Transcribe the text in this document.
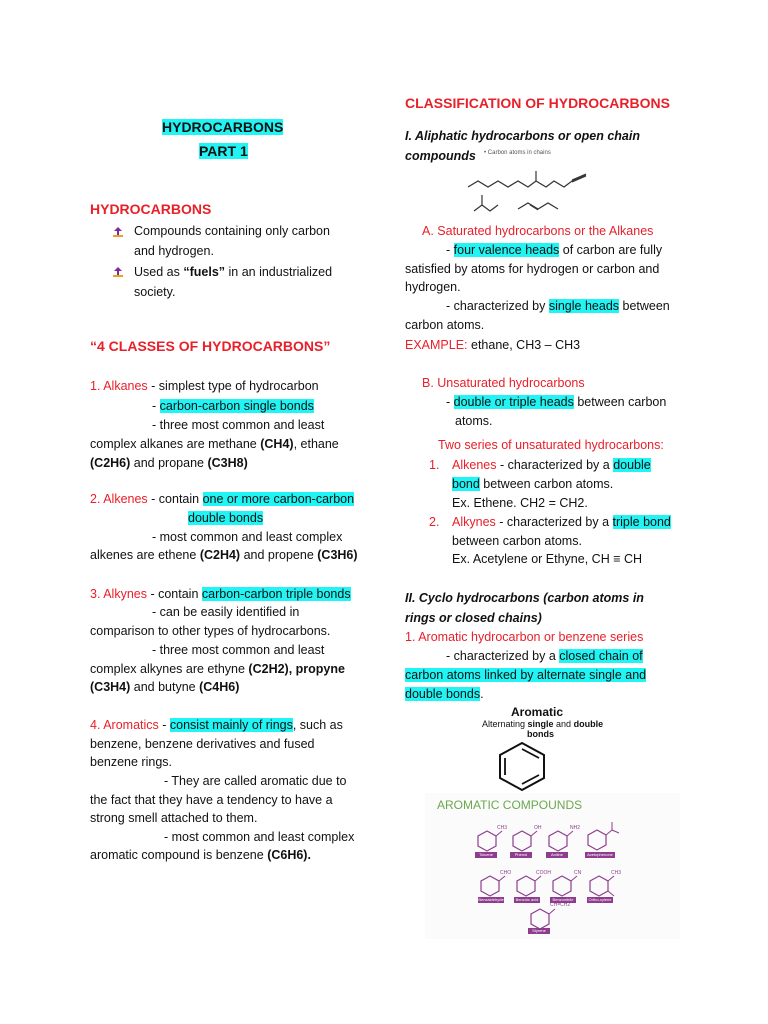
HYDROCARBONS
PART 1
HYDROCARBONS
Compounds containing only carbon
and hydrogen.
Used as “fuels” in an industrialized
society.
“4 CLASSES OF HYDROCARBONS”
1. Alkanes - simplest type of hydrocarbon
- carbon-carbon single bonds
- three most common and least
complex alkanes are methane (CH4), ethane
(C2H6) and propane (C3H8)
2. Alkenes - contain one or more carbon-carbon
double bonds
- most common and least complex
alkenes are ethene (C2H4) and propene (C3H6)
3. Alkynes - contain carbon-carbon triple bonds
- can be easily identified in
comparison to other types of hydrocarbons.
- three most common and least
complex alkynes are ethyne (C2H2), propyne
(C3H4) and butyne (C4H6)
4. Aromatics - consist mainly of rings, such as
benzene, benzene derivatives and fused
benzene rings.
- They are called aromatic due to
the fact that they have a tendency to have a
strong smell attached to them.
- most common and least complex
aromatic compound is benzene (C6H6).
CLASSIFICATION OF HYDROCARBONS
I. Aliphatic hydrocarbons or open chain
compounds • Carbon atoms in chains
A. Saturated hydrocarbons or the Alkanes
- four valence heads of carbon are fully
satisfied by atoms for hydrogen or carbon and
hydrogen.
- characterized by single heads between
carbon atoms.
EXAMPLE: ethane, CH3 – CH3
B. Unsaturated hydrocarbons
- double or triple heads between carbon
atoms.
Two series of unsaturated hydrocarbons:
1. Alkenes - characterized by a double
bond between carbon atoms.
Ex. Ethene. CH2 = CH2.
2. Alkynes - characterized by a triple bond
between carbon atoms.
Ex. Acetylene or Ethyne, CH ≡ CH
II. Cyclo hydrocarbons (carbon atoms in
rings or closed chains)
1. Aromatic hydrocarbon or benzene series
- characterized by a closed chain of
carbon atoms linked by alternate single and
double bonds.
Aromatic
Alternating single and double
bonds
AROMATIC COMPOUNDS
CH3
Toluene
OH
Phenol
NH2
Aniline	Acetophenone
CHO
Benzaldehyde
COOH
Benzoic acid
CN
Benzonitrile
CH3
Ortho-xylene
CH=CH2
Styrene
